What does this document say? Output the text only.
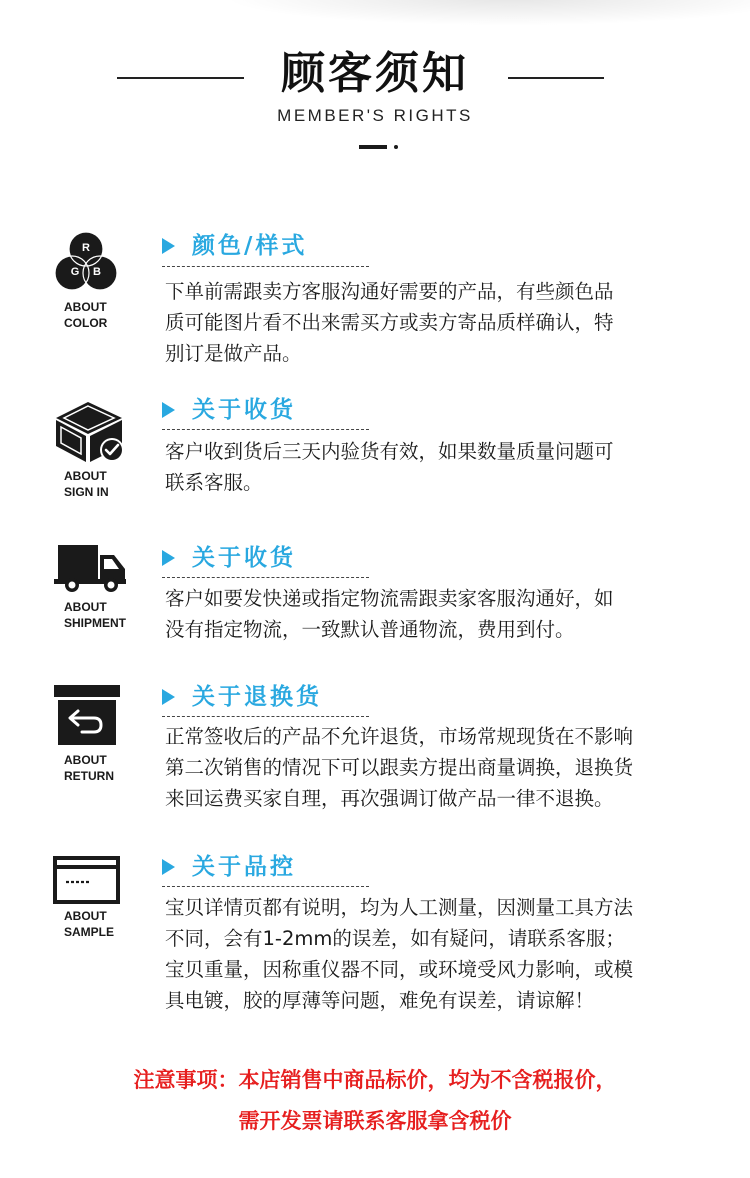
顾客须知
MEMBER'S RIGHTS
R
G B
ABOUT
COLOR
颜色/样式

下单前需跟卖方客服沟通好需要的产品，有些颜色品

质可能图片看不出来需买方或卖方寄品质样确认，特

别订是做产品。

ABOUT
SIGN IN
关于收货

客户收到货后三天内验货有效，如果数量质量问题可

联系客服。

ABOUT
SHIPMENT
关于收货

客户如要发快递或指定物流需跟卖家客服沟通好，如

没有指定物流，一致默认普通物流，费用到付。

ABOUT
RETURN
关于退换货

正常签收后的产品不允许退货，市场常规现货在不影响

第二次销售的情况下可以跟卖方提出商量调换，退换货

来回运费买家自理，再次强调订做产品一律不退换。

ABOUT
SAMPLE
关于品控

宝贝详情页都有说明，均为人工测量，因测量工具方法

不同，会有1-2mm的误差，如有疑问，请联系客服；

宝贝重量，因称重仪器不同，或环境受风力影响，或模

具电镀，胶的厚薄等问题，难免有误差，请谅解！

注意事项：本店销售中商品标价，均为不含税报价，
需开发票请联系客服拿含税价
